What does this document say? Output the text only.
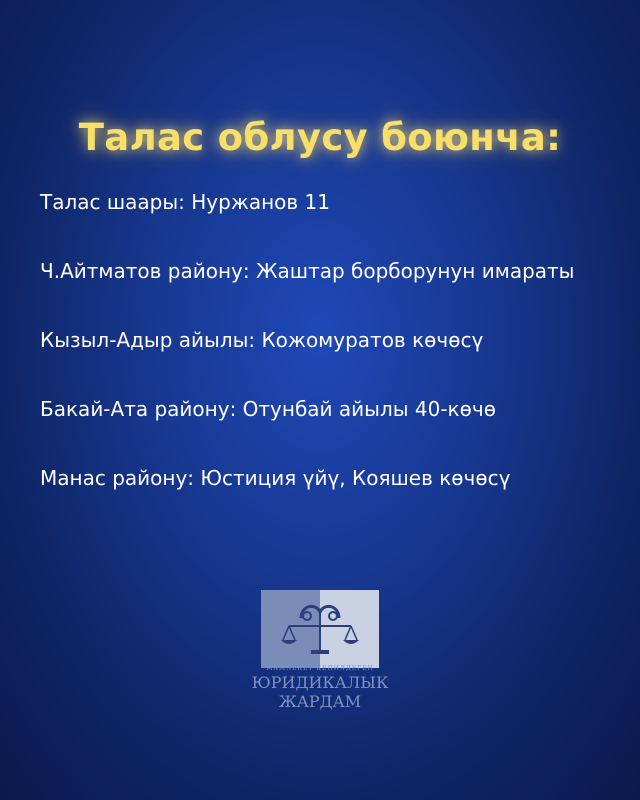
Талас облусу боюнча:
Талас шаары: Нуржанов 11
Ч.Айтматов району: Жаштар борборунун имараты
Кызыл-Адыр айылы: Кожомуратов көчөсү
Бакай-Ата району: Отунбай айылы 40-көчө
Манас району: Юстиция үйү, Кояшев көчөсү
МАМЛЕКЕТ КЕПИЛДЕГЕН
ЮРИДИКАЛЫК
ЖАРДАМ
